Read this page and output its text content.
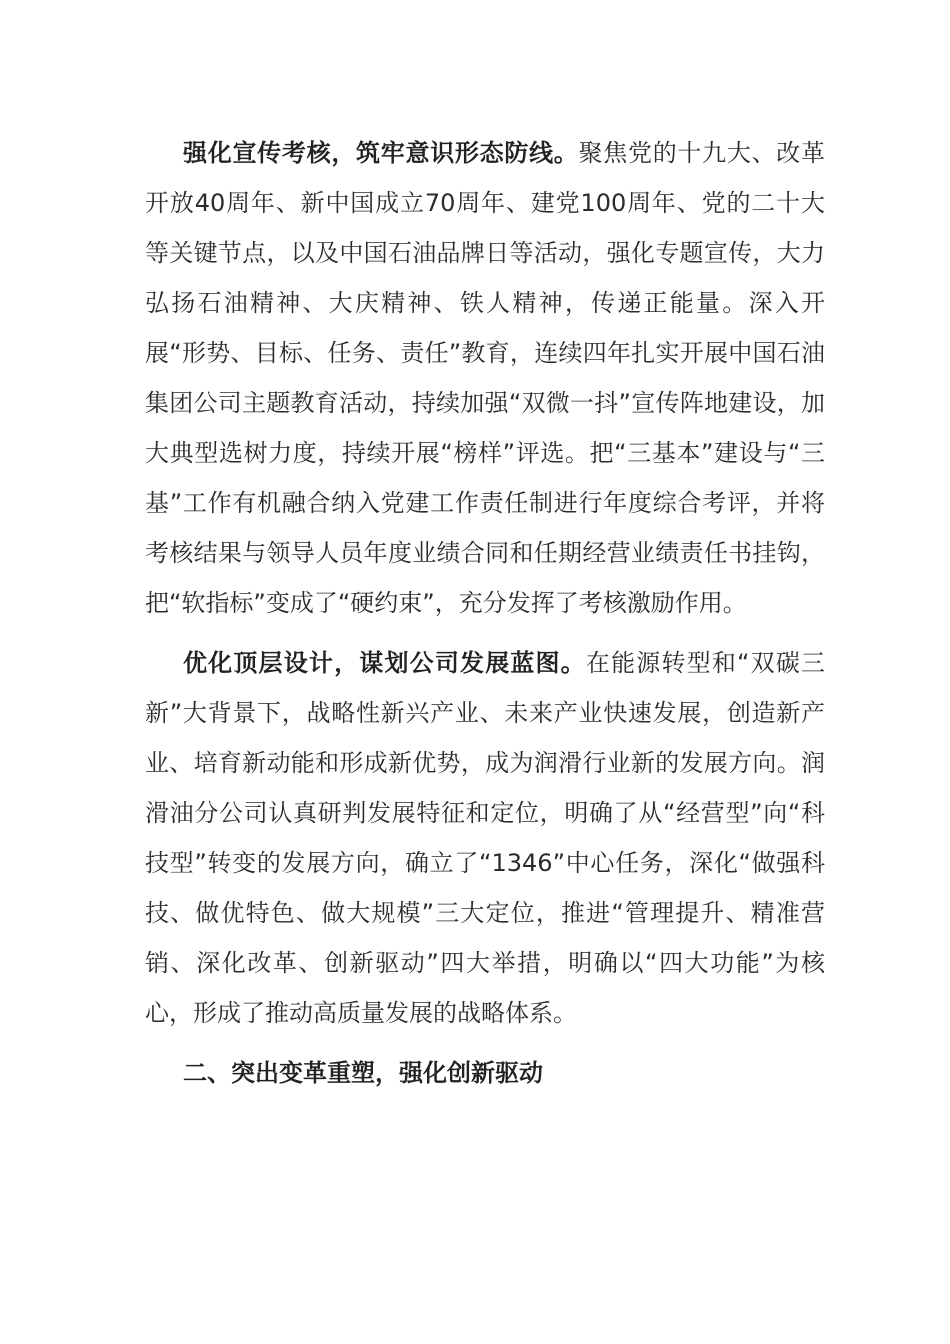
强化宣传考核，筑牢意识形态防线。聚焦党的十九大、改革开放40周年、新中国成立70周年、建党100周年、党的二十大等关键节点，以及中国石油品牌日等活动，强化专题宣传，大力弘扬石油精神、大庆精神、铁人精神，传递正能量。深入开展“形势、目标、任务、责任”教育，连续四年扎实开展中国石油集团公司主题教育活动，持续加强“双微一抖”宣传阵地建设，加大典型选树力度，持续开展“榜样”评选。把“三基本”建设与“三基”工作有机融合纳入党建工作责任制进行年度综合考评，并将考核结果与领导人员年度业绩合同和任期经营业绩责任书挂钩，把“软指标”变成了“硬约束”，充分发挥了考核激励作用。

优化顶层设计，谋划公司发展蓝图。在能源转型和“双碳三新”大背景下，战略性新兴产业、未来产业快速发展，创造新产业、培育新动能和形成新优势，成为润滑行业新的发展方向。润滑油分公司认真研判发展特征和定位，明确了从“经营型”向“科技型”转变的发展方向，确立了“1346”中心任务，深化“做强科技、做优特色、做大规模”三大定位，推进“管理提升、精准营销、深化改革、创新驱动”四大举措，明确以“四大功能”为核心，形成了推动高质量发展的战略体系。

二、突出变革重塑，强化创新驱动
